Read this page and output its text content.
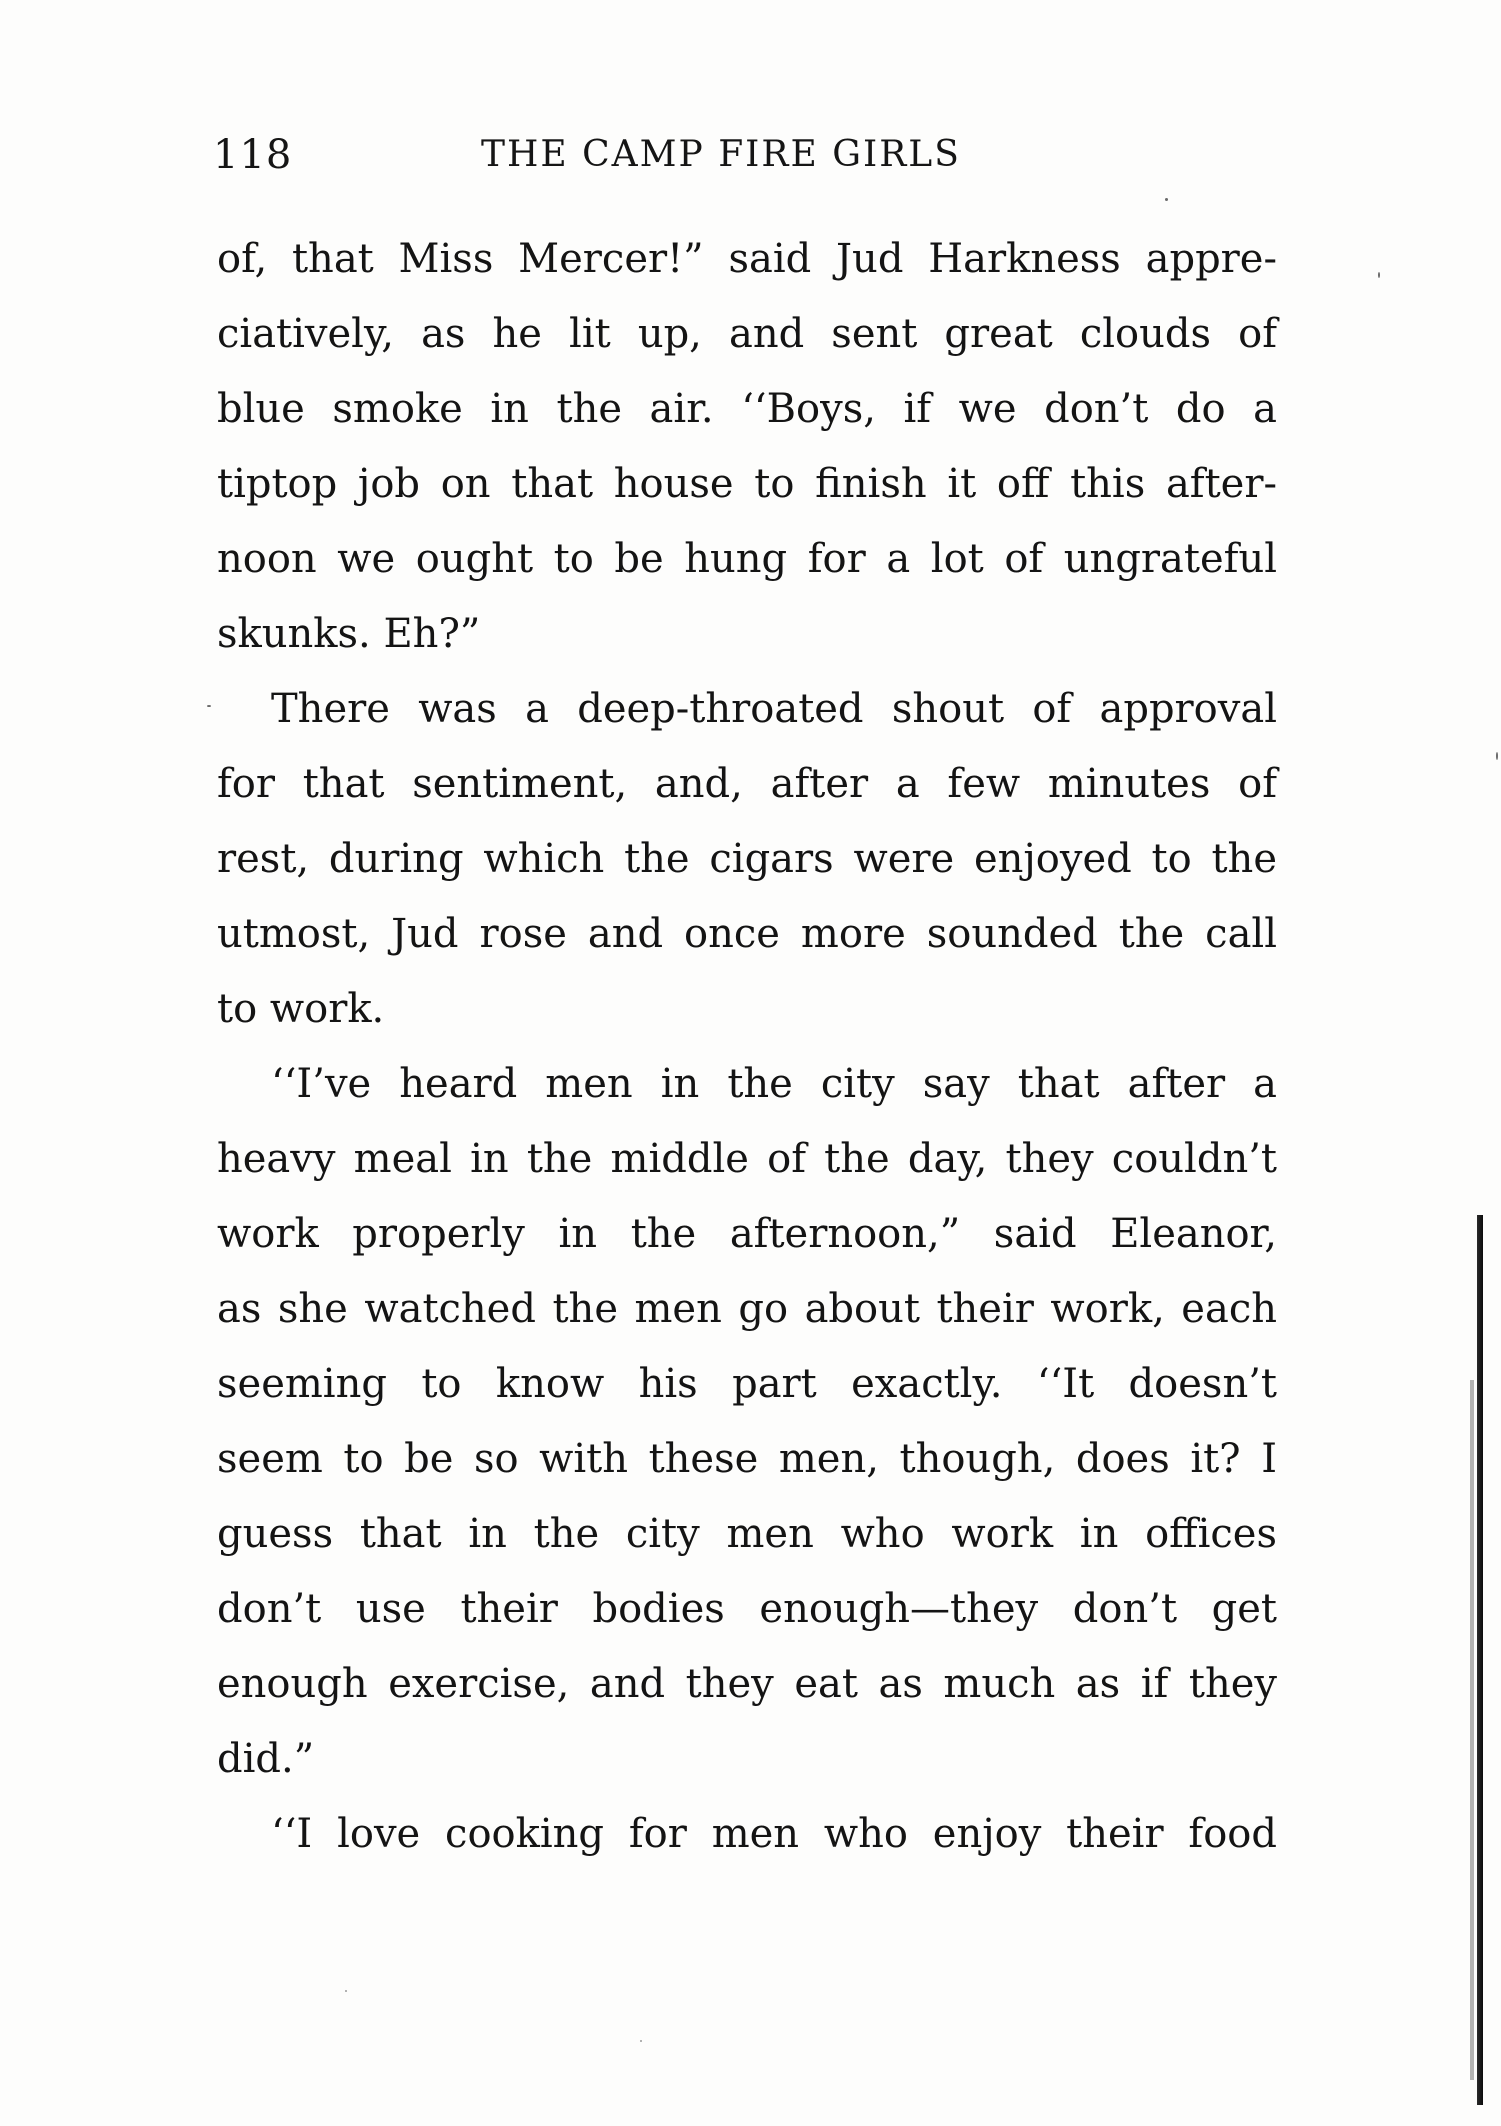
118	THE CAMP FIRE GIRLS
of, that Miss Mercer!” said Jud Harkness appre-
ciatively, as he lit up, and sent great clouds of
blue smoke in the air. ‘‘Boys, if we don’t do a
tiptop job on that house to finish it off this after-
noon we ought to be hung for a lot of ungrateful
skunks. Eh?”
There was a deep-throated shout of approval
for that sentiment, and, after a few minutes of
rest, during which the cigars were enjoyed to the
utmost, Jud rose and once more sounded the call
to work.
‘‘I’ve heard men in the city say that after a
heavy meal in the middle of the day, they couldn’t
work properly in the afternoon,” said Eleanor,
as she watched the men go about their work, each
seeming to know his part exactly. ‘‘It doesn’t
seem to be so with these men, though, does it? I
guess that in the city men who work in offices
don’t use their bodies enough—they don’t get
enough exercise, and they eat as much as if they
did.”
‘‘I love cooking for men who enjoy their food
